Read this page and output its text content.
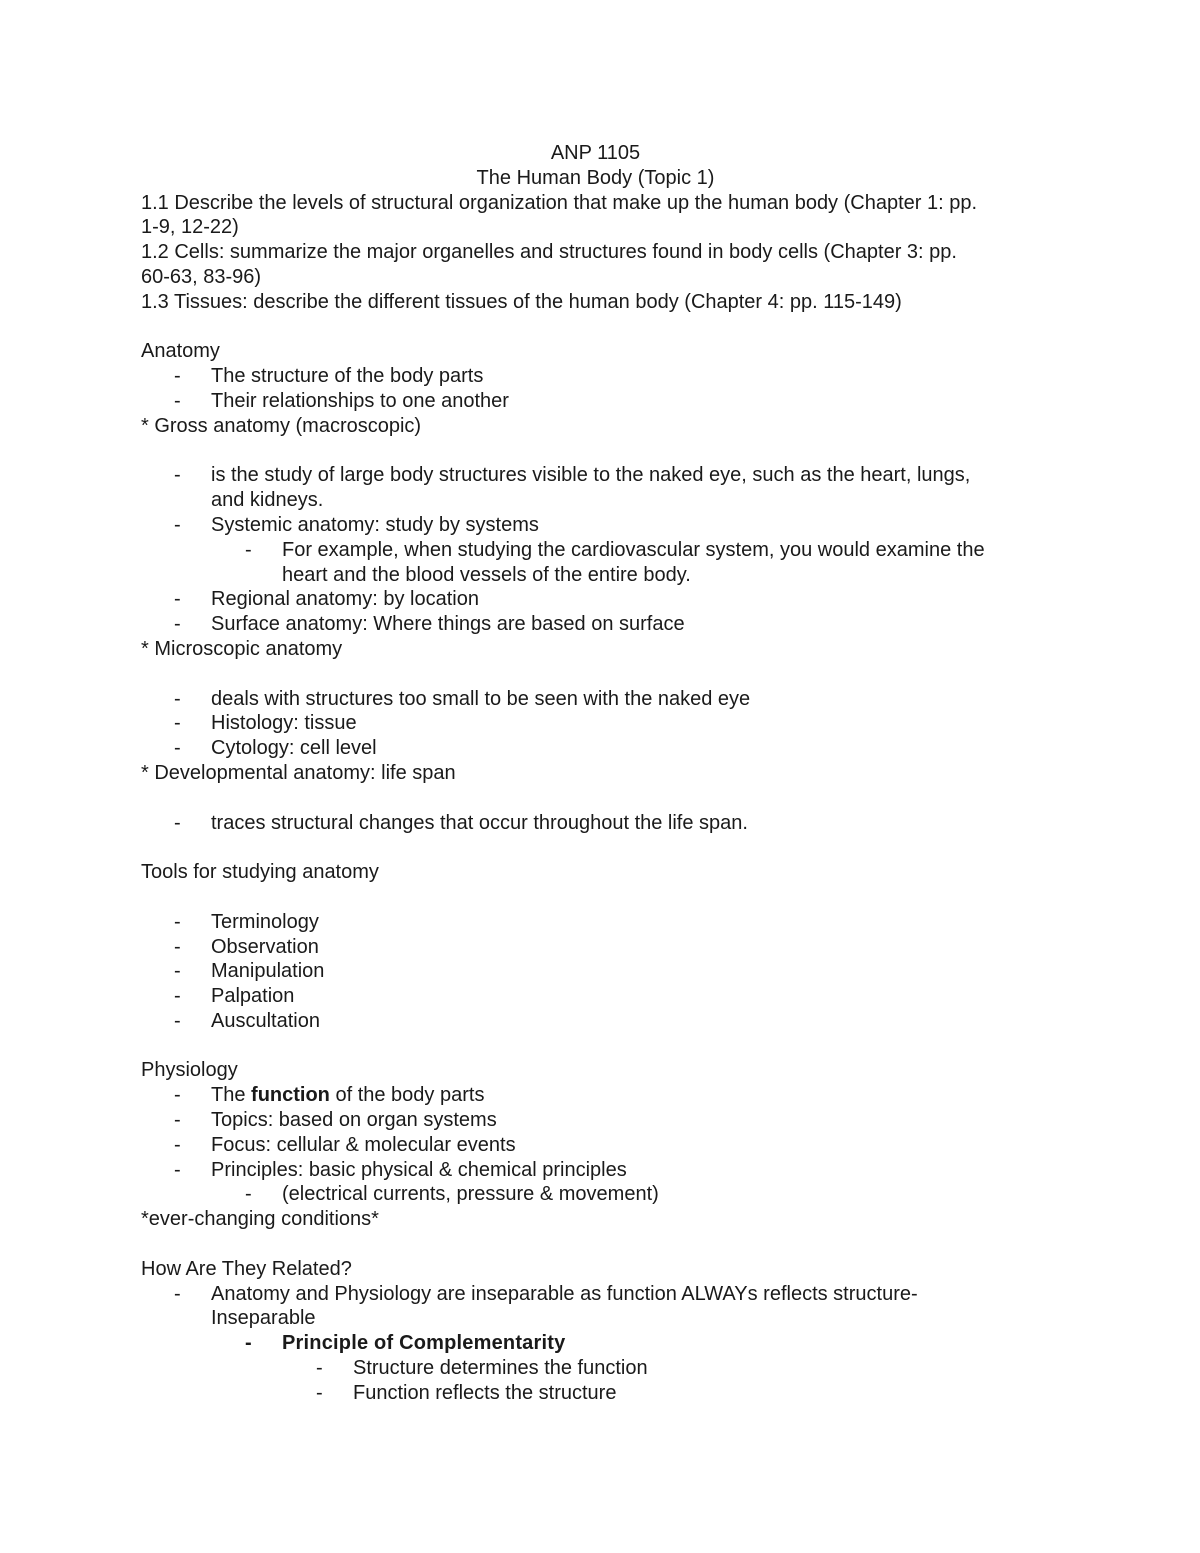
ANP 1105
The Human Body (Topic 1)
1.1 Describe the levels of structural organization that make up the human body (Chapter 1: pp.
1-9, 12-22)
1.2 Cells: summarize the major organelles and structures found in body cells (Chapter 3: pp.
60-63, 83-96)
1.3 Tissues: describe the different tissues of the human body (Chapter 4: pp. 115-149)
Anatomy
- The structure of the body parts
- Their relationships to one another
* Gross anatomy (macroscopic)
- is the study of large body structures visible to the naked eye, such as the heart, lungs,
and kidneys.
- Systemic anatomy: study by systems
- For example, when studying the cardiovascular system, you would examine the
heart and the blood vessels of the entire body.
- Regional anatomy: by location
- Surface anatomy: Where things are based on surface
* Microscopic anatomy
- deals with structures too small to be seen with the naked eye
- Histology: tissue
- Cytology: cell level
* Developmental anatomy: life span
- traces structural changes that occur throughout the life span.
Tools for studying anatomy
- Terminology
- Observation
- Manipulation
- Palpation
- Auscultation
Physiology
- The function of the body parts
- Topics: based on organ systems
- Focus: cellular & molecular events
- Principles: basic physical & chemical principles
- (electrical currents, pressure & movement)
*ever-changing conditions*
How Are They Related?
- Anatomy and Physiology are inseparable as function ALWAYs reflects structure-
Inseparable
- Principle of Complementarity
- Structure determines the function
- Function reflects the structure
